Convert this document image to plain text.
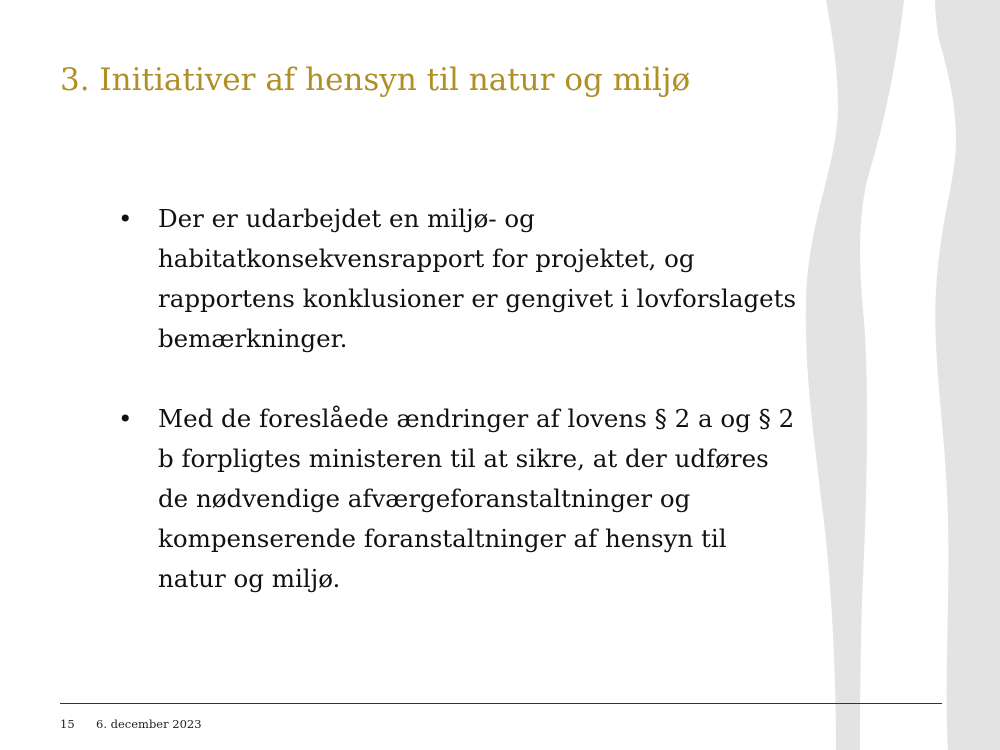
3. Initiativer af hensyn til natur og miljø
• Der er udarbejdet en miljø- og habitatkonsekvensrapport for projektet, og rapportens konklusioner er gengivet i lovforslagets bemærkninger.
• Med de foreslåede ændringer af lovens § 2 a og § 2 b forpligtes ministeren til at sikre, at der udføres de nødvendige afværgeforanstaltninger og kompenserende foranstaltninger af hensyn til natur og miljø.
15 6. december 2023
